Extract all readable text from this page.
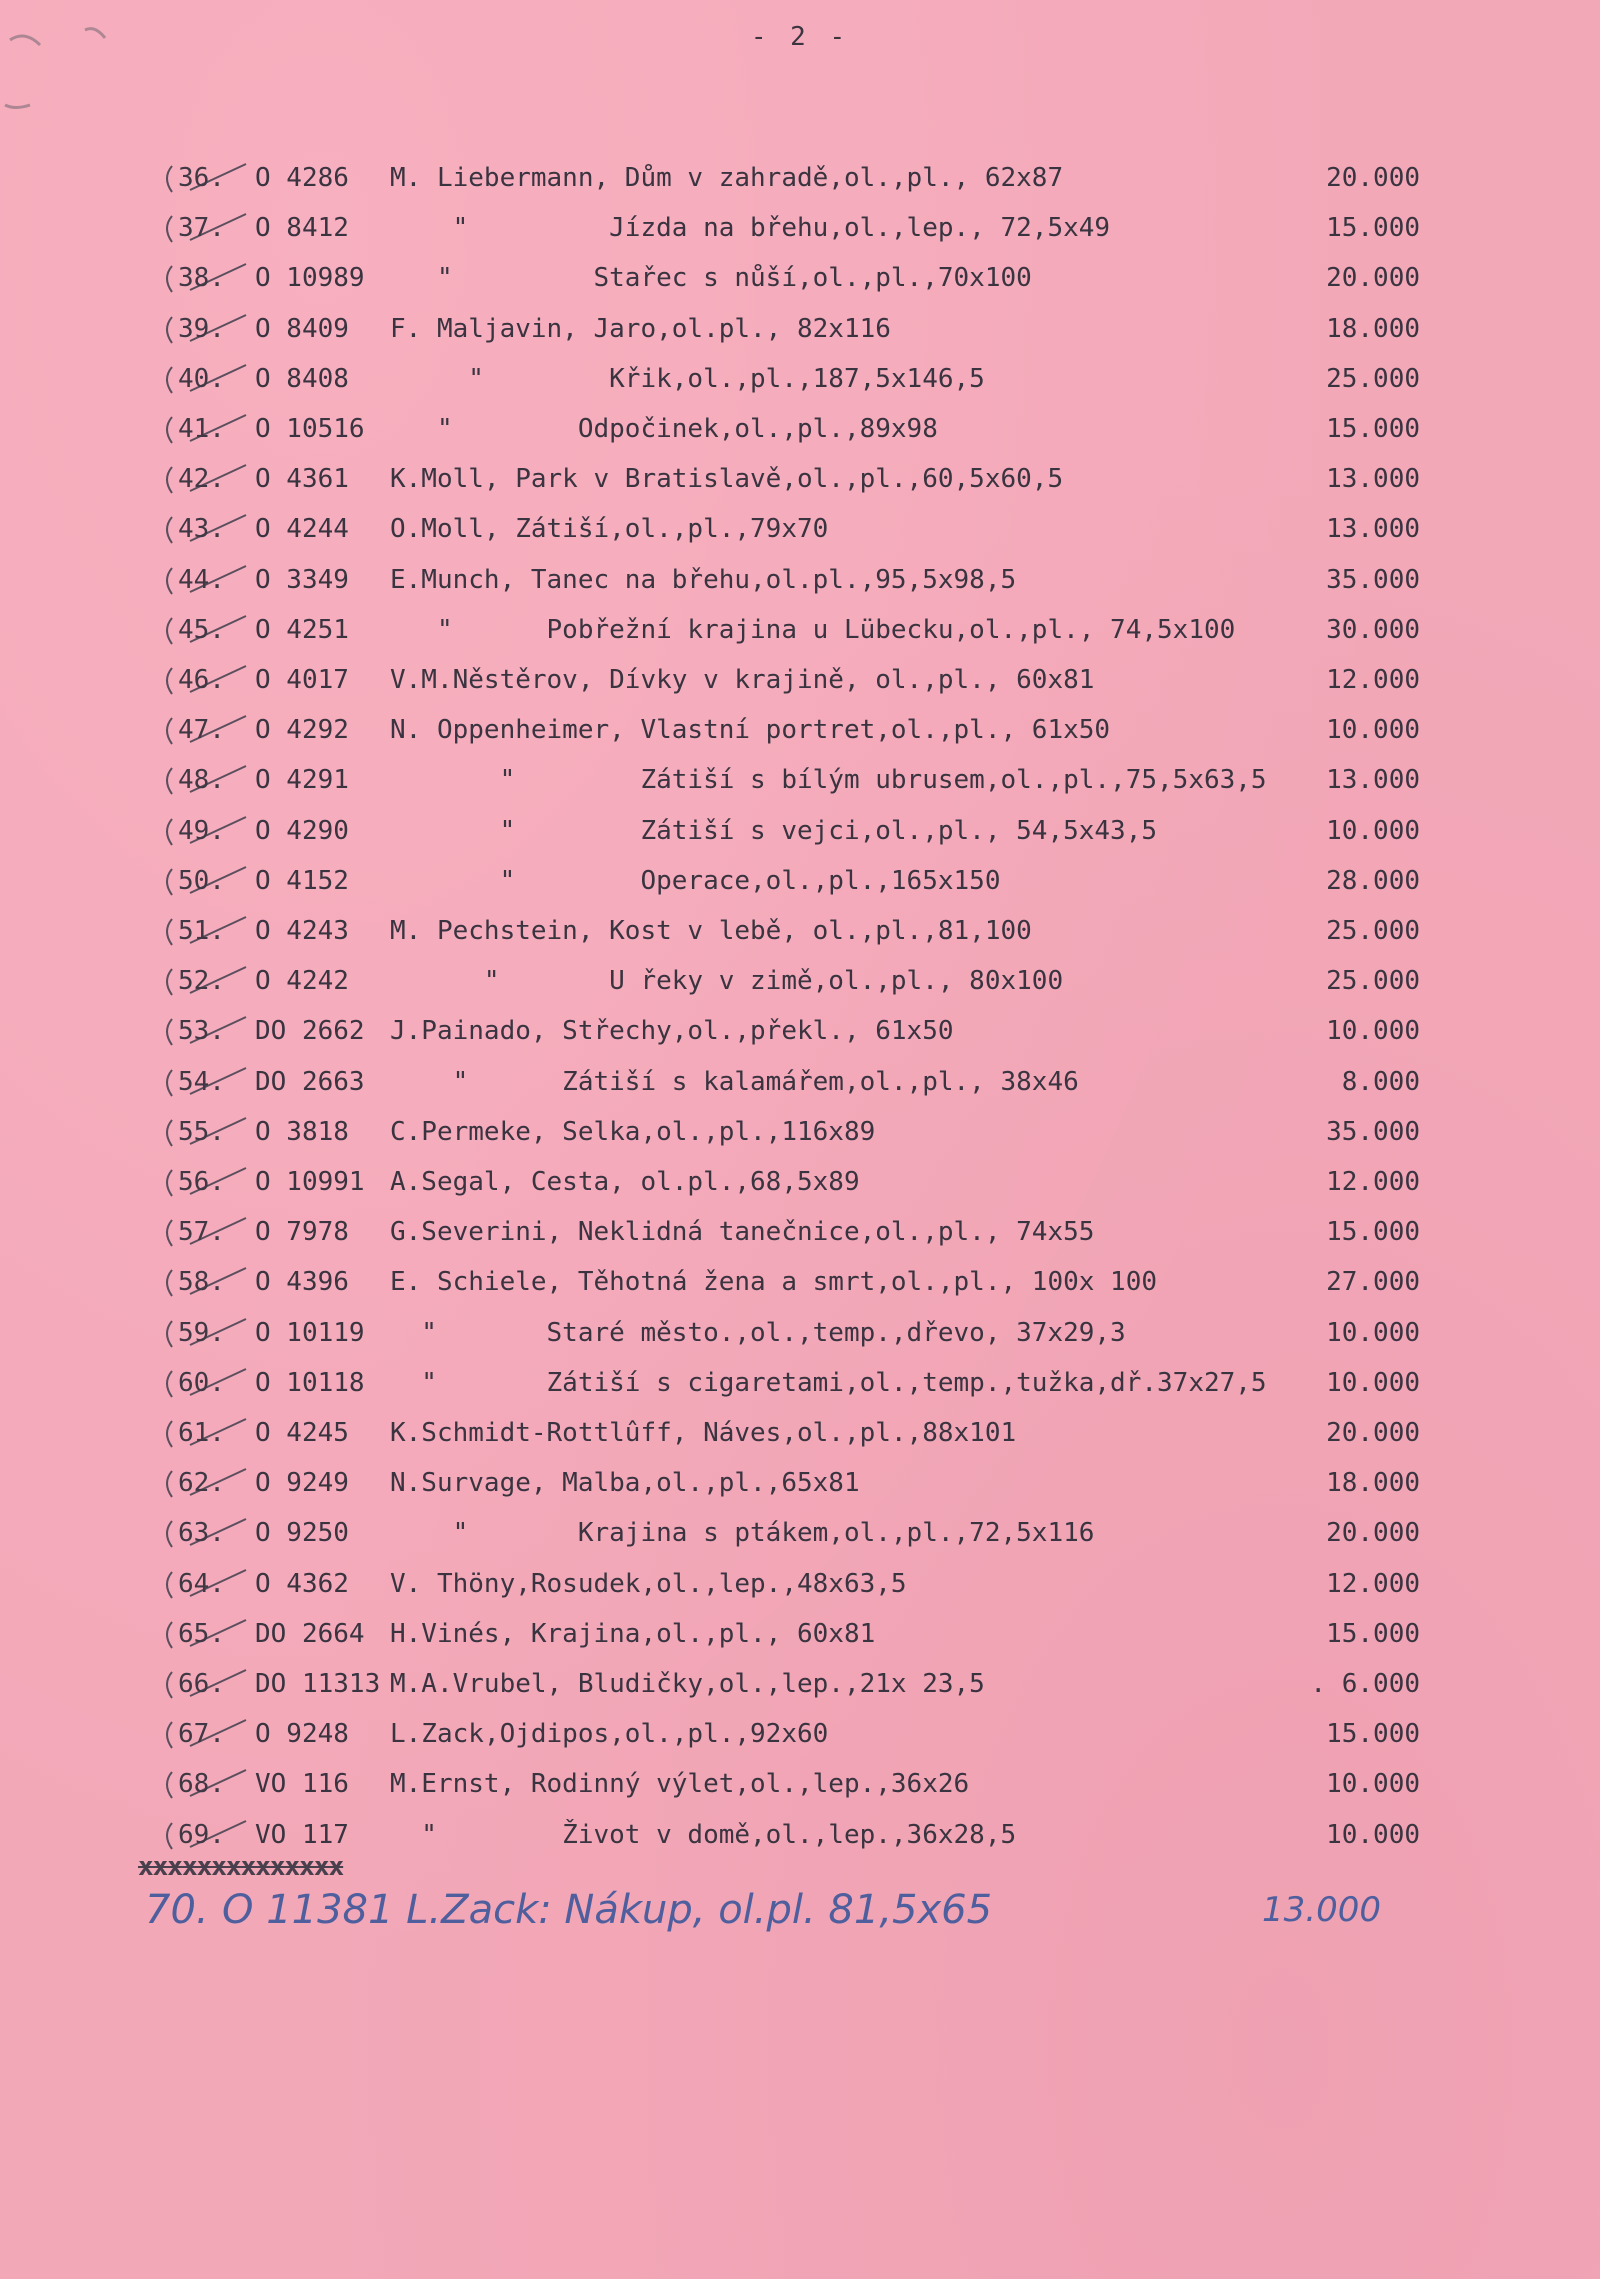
- 2 -
36.	O 4286 M. Liebermann, Dům v zahradě,ol.,pl., 62x87	20.000
37.	O 8412 "         Jízda na břehu,ol.,lep., 72,5x49	15.000
38.	O 10989 "         Stařec s nůší,ol.,pl.,70x100	20.000
39.	O 8409 F. Maljavin, Jaro,ol.pl., 82x116	18.000
40.	O 8408 "        Křik,ol.,pl.,187,5x146,5	25.000
41.	O 10516 "        Odpočinek,ol.,pl.,89x98	15.000
42.	O 4361 K.Moll, Park v Bratislavě,ol.,pl.,60,5x60,5	13.000
43.	O 4244 O.Moll, Zátiší,ol.,pl.,79x70	13.000
44.	O 3349 E.Munch, Tanec na břehu,ol.pl.,95,5x98,5	35.000
45.	O 4251 "      Pobřežní krajina u Lübecku,ol.,pl., 74,5x100	30.000
46.	O 4017 V.M.Něstěrov, Dívky v krajině, ol.,pl., 60x81	12.000
47.	O 4292 N. Oppenheimer, Vlastní portret,ol.,pl., 61x50	10.000
48.	O 4291 "        Zátiší s bílým ubrusem,ol.,pl.,75,5x63,5 13.000
49.	O 4290 "        Zátiší s vejci,ol.,pl., 54,5x43,5	10.000
50.	O 4152 "        Operace,ol.,pl.,165x150	28.000
51.	O 4243 M. Pechstein, Kost v lebě, ol.,pl.,81,100	25.000
52.	O 4242 "       U řeky v zimě,ol.,pl., 80x100	25.000
53.	DO 2662 J.Painado, Střechy,ol.,překl., 61x50	10.000
54.	DO 2663 "      Zátiší s kalamářem,ol.,pl., 38x46	8.000
55.	O 3818 C.Permeke, Selka,ol.,pl.,116x89	35.000
56.	O 10991 A.Segal, Cesta, ol.pl.,68,5x89	12.000
57.	O 7978 G.Severini, Neklidná tanečnice,ol.,pl., 74x55	15.000
58.	O 4396 E. Schiele, Těhotná žena a smrt,ol.,pl., 100x 100	27.000
59.	O 10119 "       Staré město.,ol.,temp.,dřevo, 37x29,3	10.000
60.	O 10118 "       Zátiší s cigaretami,ol.,temp.,tužka,dř.37x27,5 10.000
61.	O 4245 K.Schmidt-Rottlûff, Náves,ol.,pl.,88x101	20.000
62.	O 9249 N.Survage, Malba,ol.,pl.,65x81	18.000
63.	O 9250 "       Krajina s ptákem,ol.,pl.,72,5x116	20.000
64.	O 4362 V. Thöny,Rosudek,ol.,lep.,48x63,5	12.000
65.	DO 2664 H.Vinés, Krajina,ol.,pl., 60x81	15.000
66.	DO 11313 M.A.Vrubel, Bludičky,ol.,lep.,21x 23,5	. 6.000
67.	O 9248 L.Zack,Ojdipos,ol.,pl.,92x60	15.000
68.	VO 116 M.Ernst, Rodinný výlet,ol.,lep.,36x26	10.000
69.	VO 117 "        Život v domě,ol.,lep.,36x28,5	10.000
xxxxxxxxxxxxxx
70. O 11381 L.Zack: Nákup, ol.pl. 81,5x65	13.000
